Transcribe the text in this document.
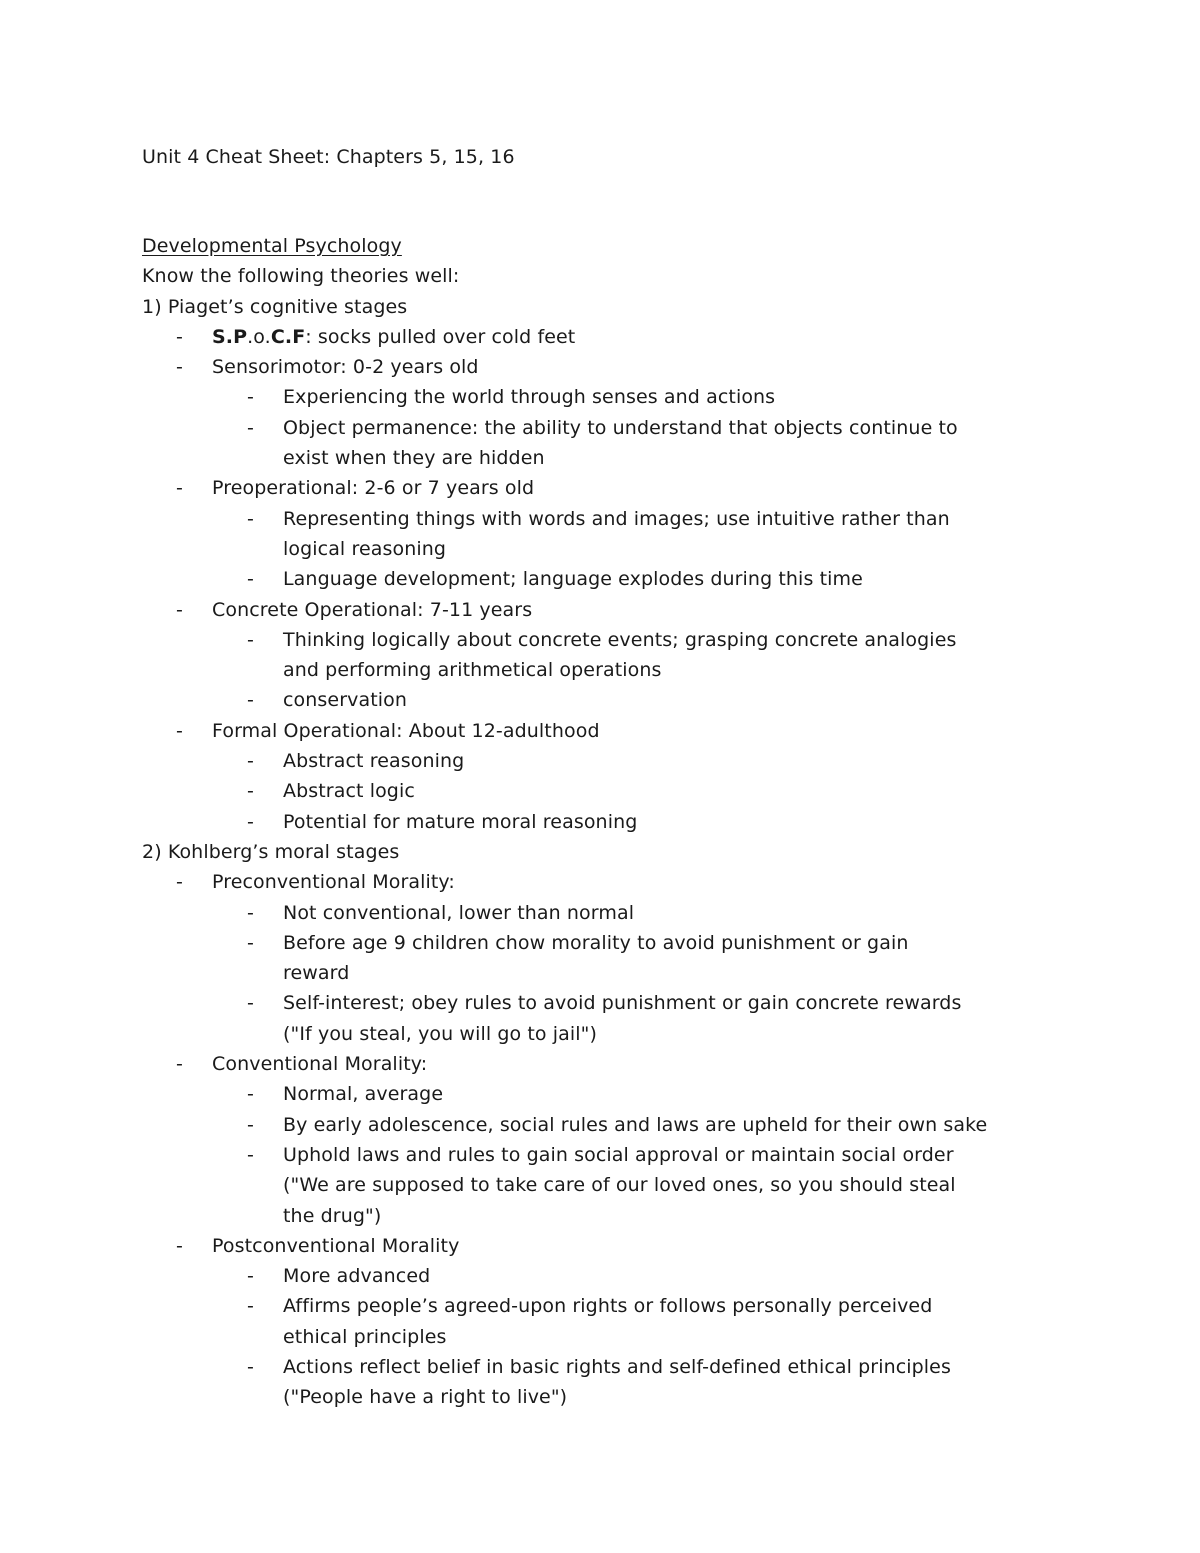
Unit 4 Cheat Sheet: Chapters 5, 15, 16
Developmental Psychology
Know the following theories well:
1) Piaget’s cognitive stages
-	S.P.o.C.F: socks pulled over cold feet
-	Sensorimotor: 0-2 years old
-	Experiencing the world through senses and actions
-	Object permanence: the ability to understand that objects continue to
exist when they are hidden
-	Preoperational: 2-6 or 7 years old
-	Representing things with words and images; use intuitive rather than
logical reasoning
-	Language development; language explodes during this time
-	Concrete Operational: 7-11 years
-	Thinking logically about concrete events; grasping concrete analogies
and performing arithmetical operations
-	conservation
-	Formal Operational: About 12-adulthood
-	Abstract reasoning
-	Abstract logic
-	Potential for mature moral reasoning
2) Kohlberg’s moral stages
-	Preconventional Morality:
-	Not conventional, lower than normal
-	Before age 9 children chow morality to avoid punishment or gain
reward
-	Self-interest; obey rules to avoid punishment or gain concrete rewards
("If you steal, you will go to jail")
-	Conventional Morality:
-	Normal, average
-	By early adolescence, social rules and laws are upheld for their own sake
-	Uphold laws and rules to gain social approval or maintain social order
("We are supposed to take care of our loved ones, so you should steal
the drug")
-	Postconventional Morality
-	More advanced
-	Affirms people’s agreed-upon rights or follows personally perceived
ethical principles
-	Actions reflect belief in basic rights and self-defined ethical principles
("People have a right to live")
